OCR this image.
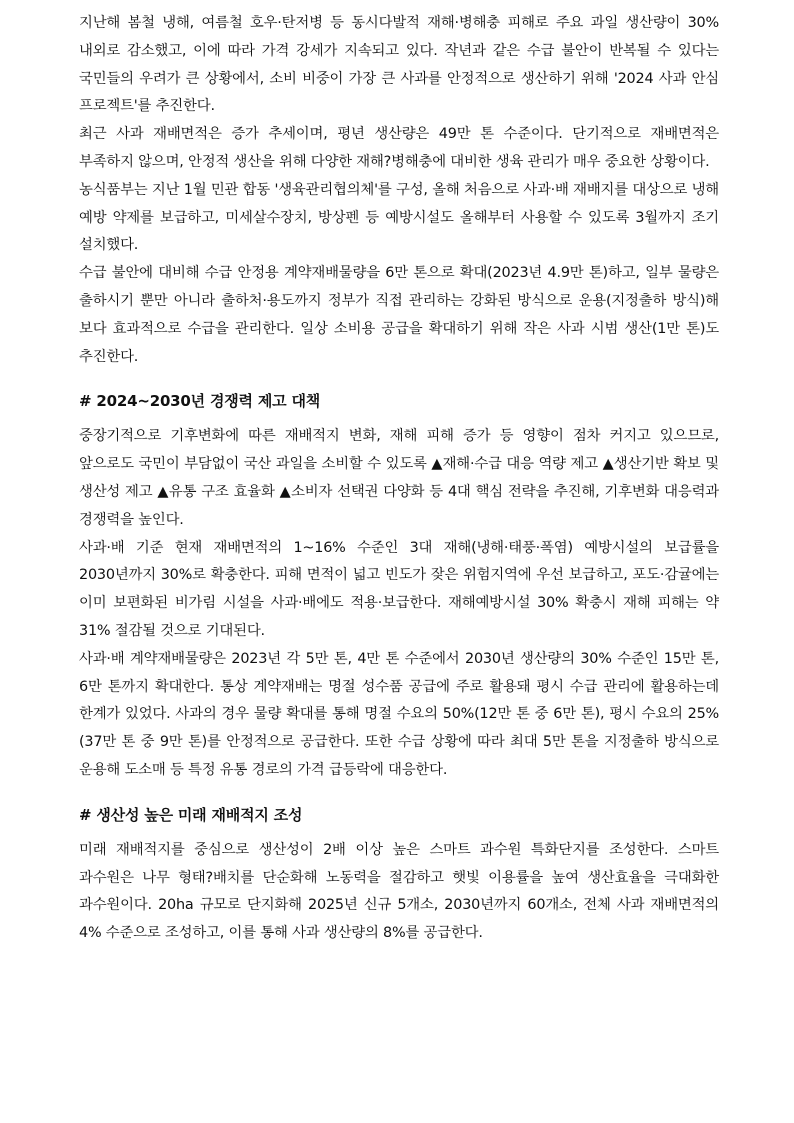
지난해 봄철 냉해, 여름철 호우·탄저병 등 동시다발적 재해·병해충 피해로 주요 과일 생산량이 30% 내외로 감소했고, 이에 따라 가격 강세가 지속되고 있다. 작년과 같은 수급 불안이 반복될 수 있다는 국민들의 우려가 큰 상황에서, 소비 비중이 가장 큰 사과를 안정적으로 생산하기 위해 '2024 사과 안심 프로젝트'를 추진한다.

최근 사과 재배면적은 증가 추세이며, 평년 생산량은 49만 톤 수준이다. 단기적으로 재배면적은 부족하지 않으며, 안정적 생산을 위해 다양한 재해?병해충에 대비한 생육 관리가 매우 중요한 상황이다.

농식품부는 지난 1월 민관 합동 '생육관리협의체'를 구성, 올해 처음으로 사과·배 재배지를 대상으로 냉해 예방 약제를 보급하고, 미세살수장치, 방상펜 등 예방시설도 올해부터 사용할 수 있도록 3월까지 조기 설치했다.

수급 불안에 대비해 수급 안정용 계약재배물량을 6만 톤으로 확대(2023년 4.9만 톤)하고, 일부 물량은 출하시기 뿐만 아니라 출하처·용도까지 정부가 직접 관리하는 강화된 방식으로 운용(지정출하 방식)해 보다 효과적으로 수급을 관리한다. 일상 소비용 공급을 확대하기 위해 작은 사과 시범 생산(1만 톤)도 추진한다.

# 2024~2030년 경쟁력 제고 대책

중장기적으로 기후변화에 따른 재배적지 변화, 재해 피해 증가 등 영향이 점차 커지고 있으므로, 앞으로도 국민이 부담없이 국산 과일을 소비할 수 있도록 ▲재해·수급 대응 역량 제고 ▲생산기반 확보 및 생산성 제고 ▲유통 구조 효율화 ▲소비자 선택권 다양화 등 4대 핵심 전략을 추진해, 기후변화 대응력과 경쟁력을 높인다.

사과·배 기준 현재 재배면적의 1~16% 수준인 3대 재해(냉해·태풍·폭염) 예방시설의 보급률을 2030년까지 30%로 확충한다. 피해 면적이 넓고 빈도가 잦은 위험지역에 우선 보급하고, 포도·감귤에는 이미 보편화된 비가림 시설을 사과·배에도 적용·보급한다. 재해예방시설 30% 확충시 재해 피해는 약 31% 절감될 것으로 기대된다.

사과·배 계약재배물량은 2023년 각 5만 톤, 4만 톤 수준에서 2030년 생산량의 30% 수준인 15만 톤, 6만 톤까지 확대한다. 통상 계약재배는 명절 성수품 공급에 주로 활용돼 평시 수급 관리에 활용하는데 한계가 있었다. 사과의 경우 물량 확대를 통해 명절 수요의 50%(12만 톤 중 6만 톤), 평시 수요의 25%(37만 톤 중 9만 톤)를 안정적으로 공급한다. 또한 수급 상황에 따라 최대 5만 톤을 지정출하 방식으로 운용해 도소매 등 특정 유통 경로의 가격 급등락에 대응한다.

# 생산성 높은 미래 재배적지 조성

미래 재배적지를 중심으로 생산성이 2배 이상 높은 스마트 과수원 특화단지를 조성한다. 스마트 과수원은 나무 형태?배치를 단순화해 노동력을 절감하고 햇빛 이용률을 높여 생산효율을 극대화한 과수원이다. 20ha 규모로 단지화해 2025년 신규 5개소, 2030년까지 60개소, 전체 사과 재배면적의 4% 수준으로 조성하고, 이를 통해 사과 생산량의 8%를 공급한다.
